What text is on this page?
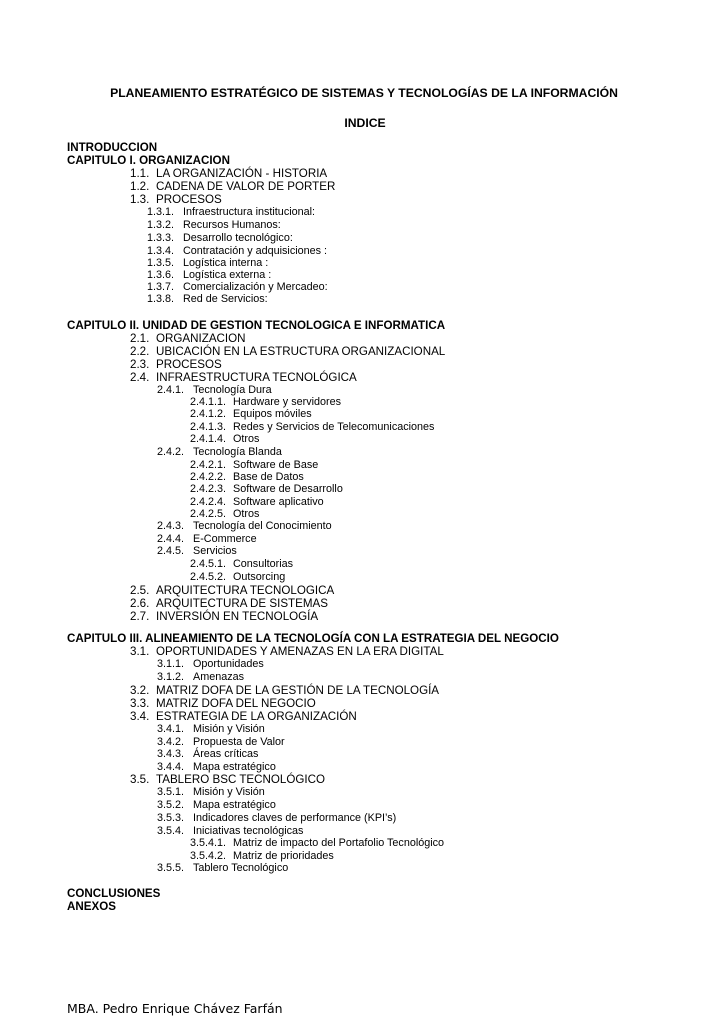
PLANEAMIENTO ESTRATÉGICO DE SISTEMAS Y TECNOLOGÍAS DE LA INFORMACIÓN
INDICE
INTRODUCCION
CAPITULO I. ORGANIZACION
1.1. LA ORGANIZACIÓN - HISTORIA
1.2. CADENA DE VALOR DE PORTER
1.3. PROCESOS
1.3.1. Infraestructura institucional:
1.3.2. Recursos Humanos:
1.3.3. Desarrollo tecnológico:
1.3.4. Contratación y adquisiciones :
1.3.5. Logística interna :
1.3.6. Logística externa :
1.3.7. Comercialización y Mercadeo:
1.3.8. Red de Servicios:
CAPITULO II. UNIDAD DE GESTION TECNOLOGICA E INFORMATICA
2.1. ORGANIZACION
2.2. UBICACIÓN EN LA ESTRUCTURA ORGANIZACIONAL
2.3. PROCESOS
2.4. INFRAESTRUCTURA TECNOLÓGICA
2.4.1. Tecnología Dura
2.4.1.1. Hardware y servidores
2.4.1.2. Equipos móviles
2.4.1.3. Redes y Servicios de Telecomunicaciones
2.4.1.4. Otros
2.4.2. Tecnología Blanda
2.4.2.1. Software de Base
2.4.2.2. Base de Datos
2.4.2.3. Software de Desarrollo
2.4.2.4. Software aplicativo
2.4.2.5. Otros
2.4.3. Tecnología del Conocimiento
2.4.4. E-Commerce
2.4.5. Servicios
2.4.5.1. Consultorias
2.4.5.2. Outsorcing
2.5. ARQUITECTURA TECNOLOGICA
2.6. ARQUITECTURA DE SISTEMAS
2.7. INVERSIÓN EN TECNOLOGÍA
CAPITULO III. ALINEAMIENTO DE LA TECNOLOGÍA CON LA ESTRATEGIA DEL NEGOCIO
3.1. OPORTUNIDADES Y AMENAZAS EN LA ERA DIGITAL
3.1.1. Oportunidades
3.1.2. Amenazas
3.2. MATRIZ DOFA DE LA GESTIÓN DE LA TECNOLOGÍA
3.3. MATRIZ DOFA DEL NEGOCIO
3.4. ESTRATEGIA DE LA ORGANIZACIÓN
3.4.1. Misión y Visión
3.4.2. Propuesta de Valor
3.4.3. Áreas críticas
3.4.4. Mapa estratégico
3.5. TABLERO BSC TECNOLÓGICO
3.5.1. Misión y Visión
3.5.2. Mapa estratégico
3.5.3. Indicadores claves de performance (KPI’s)
3.5.4. Iniciativas tecnológicas
3.5.4.1. Matriz de impacto del Portafolio Tecnológico
3.5.4.2. Matriz de prioridades
3.5.5. Tablero Tecnológico
CONCLUSIONES
ANEXOS
MBA. Pedro Enrique Chávez Farfán
